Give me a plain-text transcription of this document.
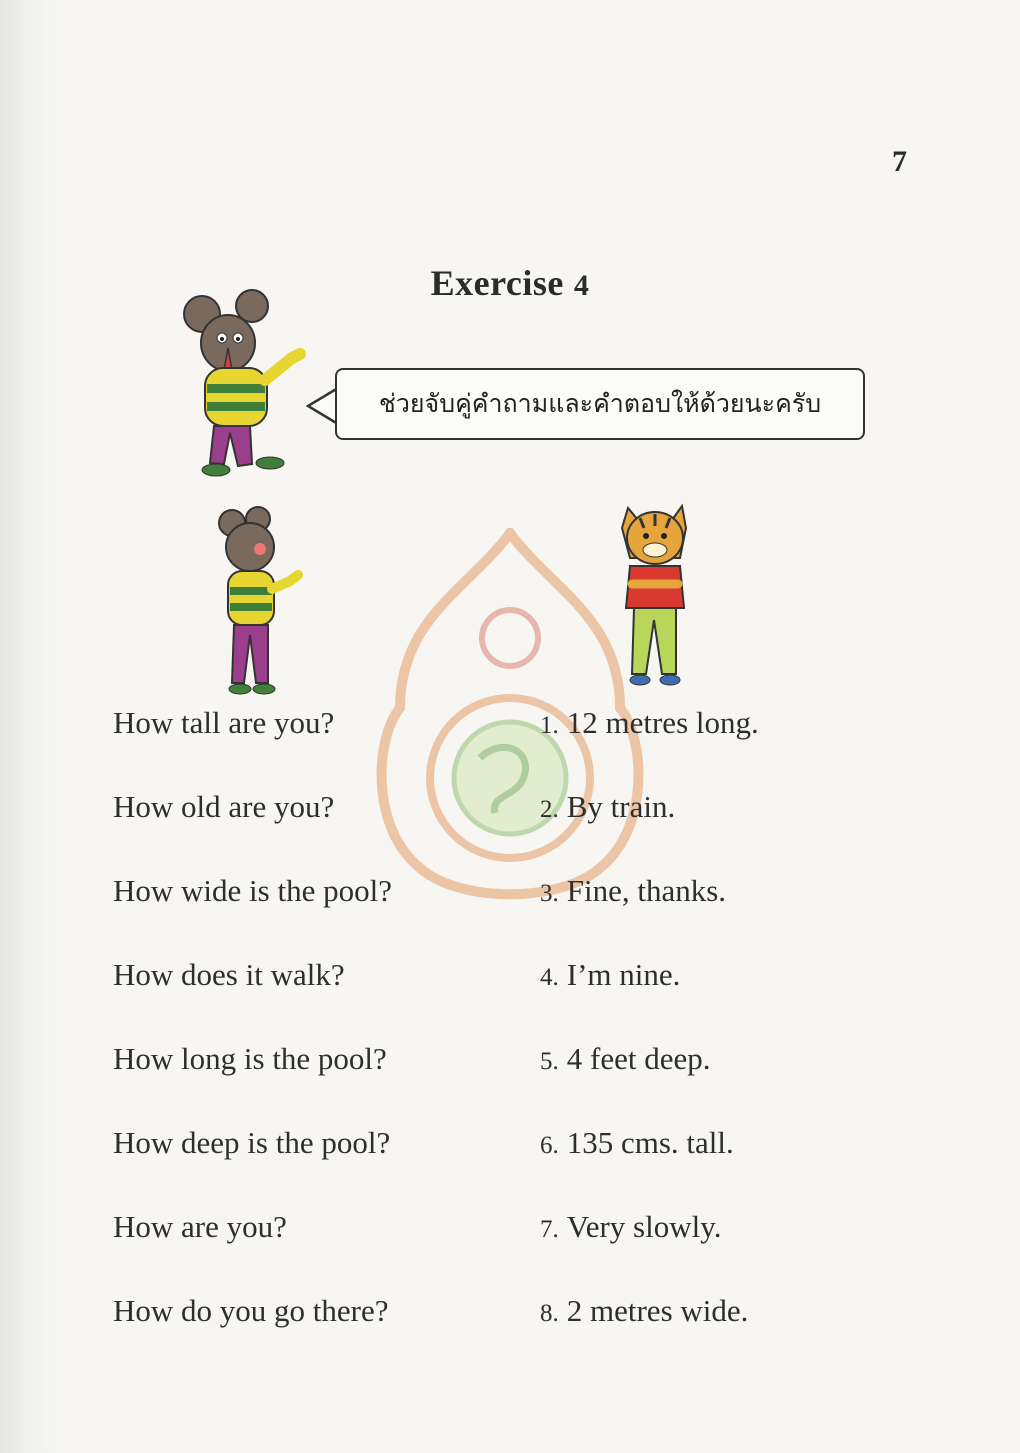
7
Exercise 4
ช่วยจับคู่คำถามและคำตอบให้ด้วยนะครับ
How tall are you?
How old are you?
How wide is the pool?
How does it walk?
How long is the pool?
How deep is the pool?
How are you?
How do you go there?
1. 12 metres long.
2. By train.
3. Fine, thanks.
4. I’m nine.
5. 4 feet deep.
6. 135 cms. tall.
7. Very slowly.
8. 2 metres wide.
